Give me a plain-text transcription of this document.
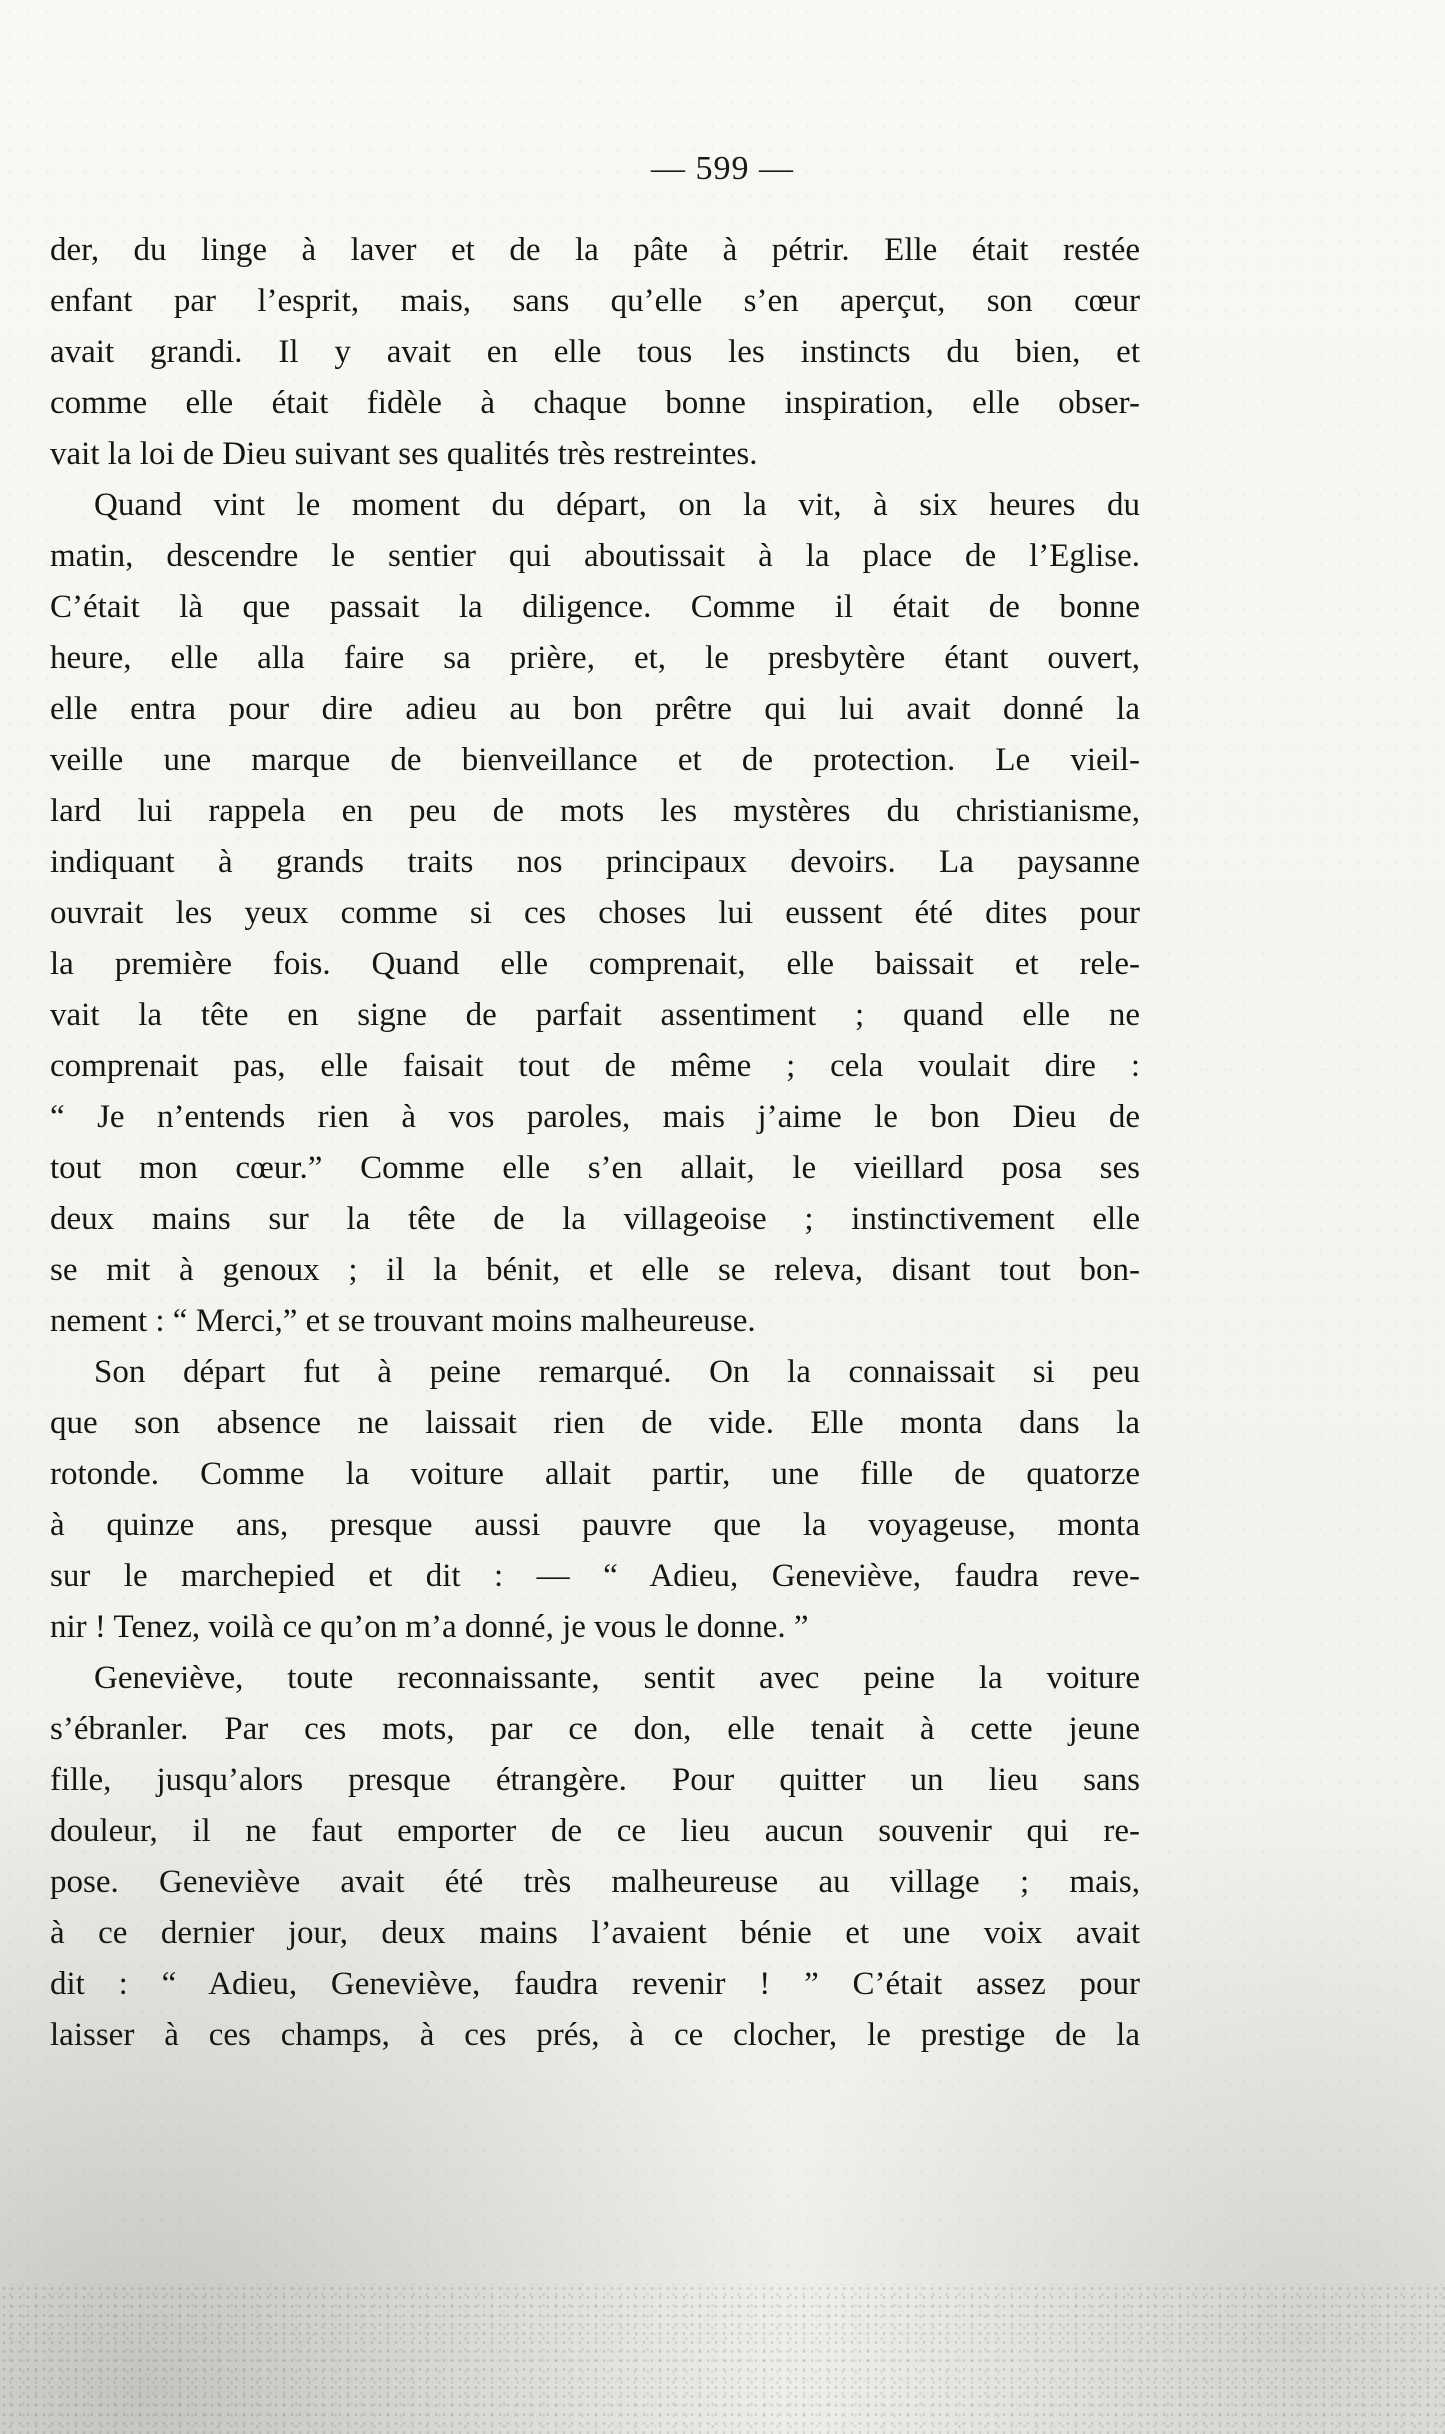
— 599 —
der, du linge à laver et de la pâte à pétrir. Elle était restée
enfant par l’esprit, mais, sans qu’elle s’en aperçut, son cœur
avait grandi. Il y avait en elle tous les instincts du bien, et
comme elle était fidèle à chaque bonne inspiration, elle obser-
vait la loi de Dieu suivant ses qualités très restreintes.
Quand vint le moment du départ, on la vit, à six heures du
matin, descendre le sentier qui aboutissait à la place de l’Eglise.
C’était là que passait la diligence. Comme il était de bonne
heure, elle alla faire sa prière, et, le presbytère étant ouvert,
elle entra pour dire adieu au bon prêtre qui lui avait donné la
veille une marque de bienveillance et de protection. Le vieil-
lard lui rappela en peu de mots les mystères du christianisme,
indiquant à grands traits nos principaux devoirs. La paysanne
ouvrait les yeux comme si ces choses lui eussent été dites pour
la première fois. Quand elle comprenait, elle baissait et rele-
vait la tête en signe de parfait assentiment ; quand elle ne
comprenait pas, elle faisait tout de même ; cela voulait dire :
“ Je n’entends rien à vos paroles, mais j’aime le bon Dieu de
tout mon cœur.” Comme elle s’en allait, le vieillard posa ses
deux mains sur la tête de la villageoise ; instinctivement elle
se mit à genoux ; il la bénit, et elle se releva, disant tout bon-
nement : “ Merci,” et se trouvant moins malheureuse.
Son départ fut à peine remarqué. On la connaissait si peu
que son absence ne laissait rien de vide. Elle monta dans la
rotonde. Comme la voiture allait partir, une fille de quatorze
à quinze ans, presque aussi pauvre que la voyageuse, monta
sur le marchepied et dit : — “ Adieu, Geneviève, faudra reve-
nir ! Tenez, voilà ce qu’on m’a donné, je vous le donne. ”
Geneviève, toute reconnaissante, sentit avec peine la voiture
s’ébranler. Par ces mots, par ce don, elle tenait à cette jeune
fille, jusqu’alors presque étrangère. Pour quitter un lieu sans
douleur, il ne faut emporter de ce lieu aucun souvenir qui re-
pose. Geneviève avait été très malheureuse au village ; mais,
à ce dernier jour, deux mains l’avaient bénie et une voix avait
dit : “ Adieu, Geneviève, faudra revenir ! ” C’était assez pour
laisser à ces champs, à ces prés, à ce clocher, le prestige de la
